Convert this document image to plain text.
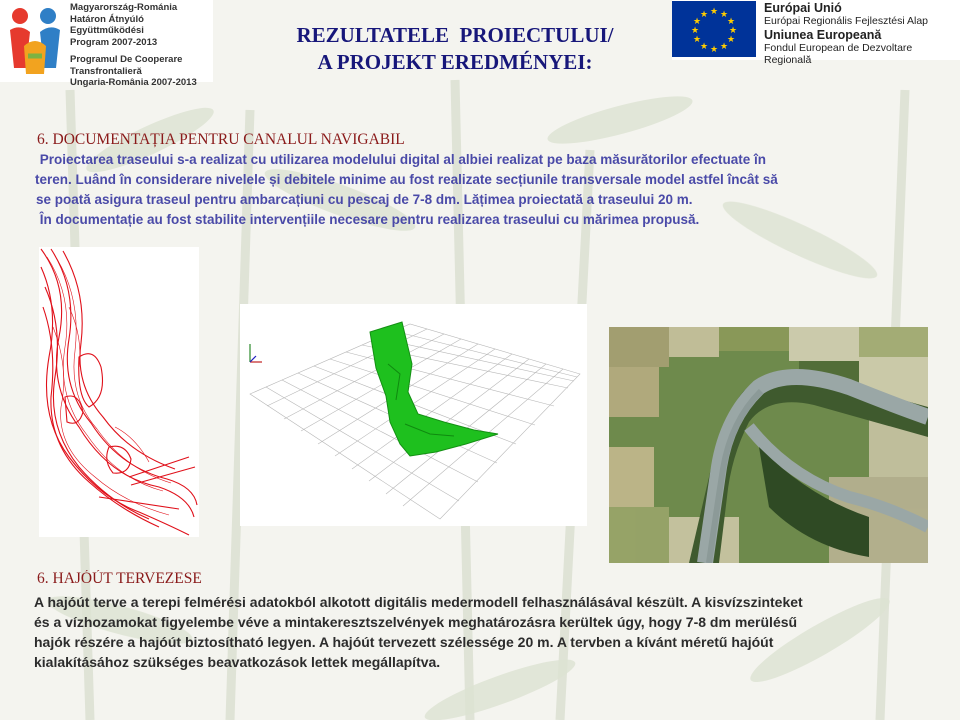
Magyarország-Románia
Határon Átnyúló Együttműködési
Program 2007-2013
Programul De Cooperare
Transfrontalieră
Ungaria-România 2007-2013
★ ★
★
★
★
★
★
★
★
★
★
★	Európai Unió
Európai Regionális Fejlesztési Alap
Uniunea Europeană
Fondul European de Dezvoltare Regională
REZULTATELE  PROIECTULUI/
A PROJEKT EREDMÉNYEI:
6. DOCUMENTAȚIA PENTRU CANALUL NAVIGABIL
Proiectarea traseului s-a realizat cu utilizarea modelului digital al albiei realizat pe baza măsurătorilor efectuate în
teren. Luând în considerare nivelele și debitele minime au fost realizate secțiunile transversale model astfel încât să
se poată asigura traseul pentru ambarcațiuni cu pescaj de 7-8 dm. Lățimea proiectată a traseului 20 m.
În documentație au fost stabilite intervențiile necesare pentru realizarea traseului cu mărimea propusă.
6. HAJÓÚT TERVEZESE
A hajóút terve a terepi felmérési adatokból alkotott digitális medermodell felhasználásával készült. A kisvízszinteket
és a vízhozamokat figyelembe véve a mintakeresztszelvények meghatározásra kerültek úgy, hogy 7-8 dm merülésű
hajók részére a hajóút biztosítható legyen. A hajóút tervezett szélessége 20 m. A tervben a kívánt méretű hajóút
kialakításához szükséges beavatkozások lettek megállapítva.
